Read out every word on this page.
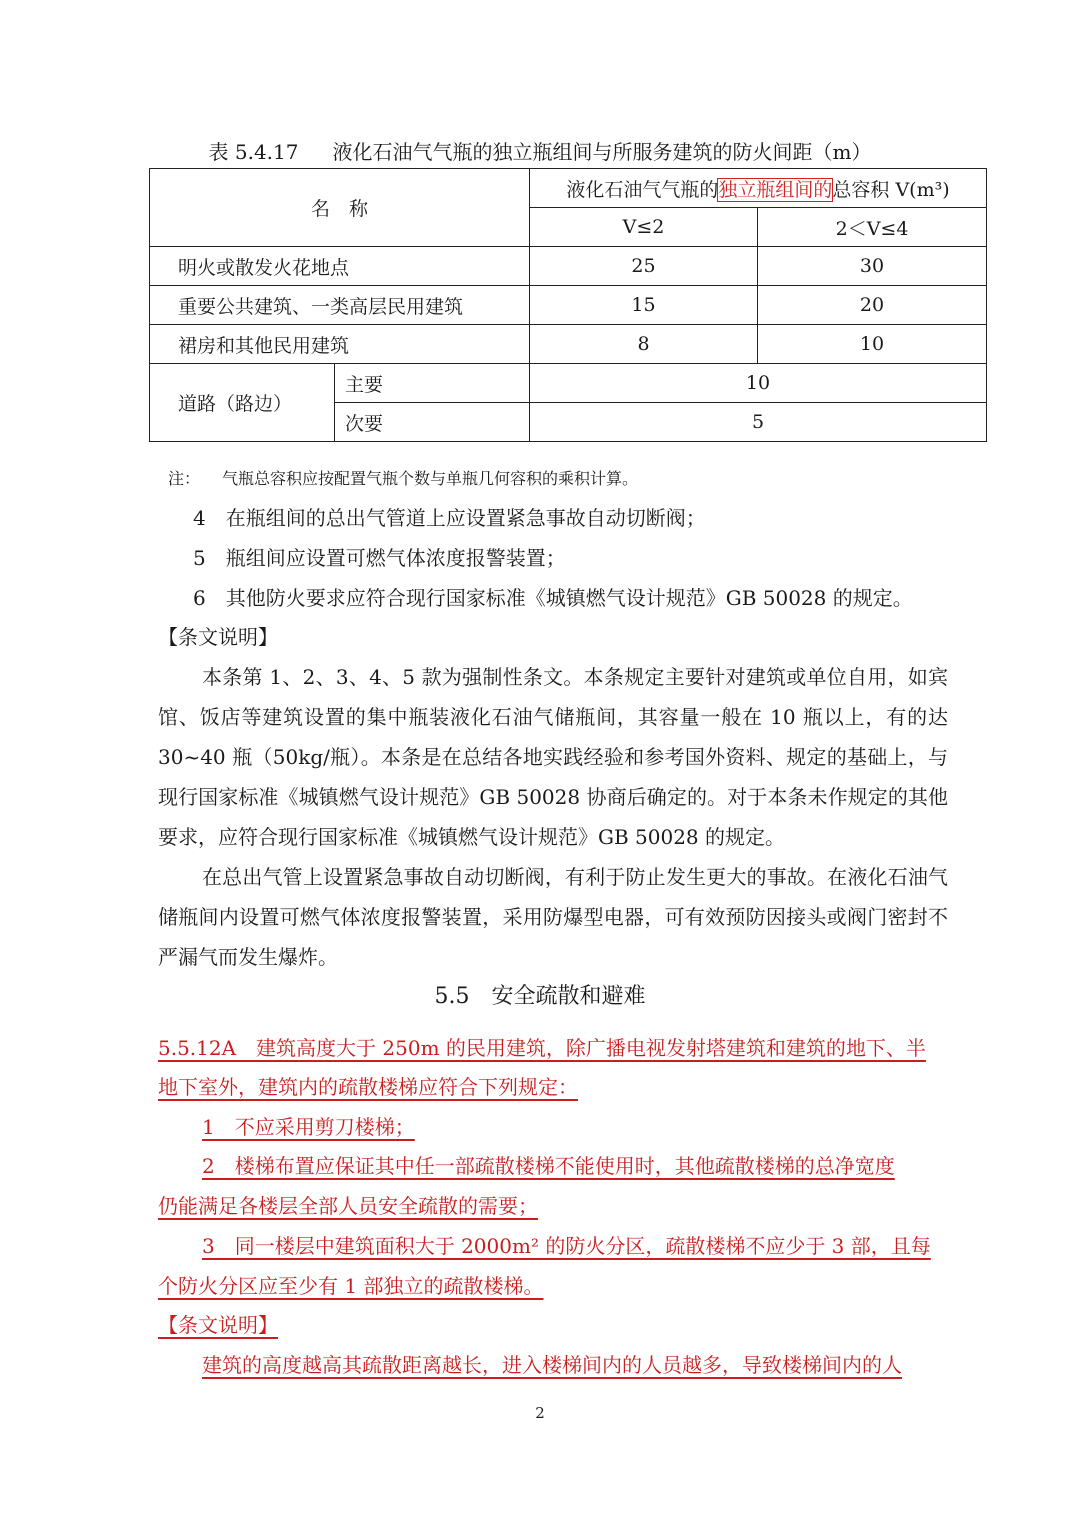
表 5.4.17 液化石油气气瓶的独立瓶组间与所服务建筑的防火间距（m）
名　称		液化石油气气瓶的独立瓶组间的总容积 V(m³)	
		V≤2	2＜V≤4
明火或散发火花地点		25	30
重要公共建筑、一类高层民用建筑		15	20
裙房和其他民用建筑		8	10
道路（路边）	主要	10	
	次要	5	
注： 气瓶总容积应按配置气瓶个数与单瓶几何容积的乘积计算。
4　在瓶组间的总出气管道上应设置紧急事故自动切断阀；
5　瓶组间应设置可燃气体浓度报警装置；
6　其他防火要求应符合现行国家标准《城镇燃气设计规范》GB 50028 的规定。
【条文说明】

本条第 1、2、3、4、5 款为强制性条文。本条规定主要针对建筑或单位自用，如宾馆、饭店等建筑设置的集中瓶装液化石油气储瓶间，其容量一般在 10 瓶以上，有的达 30~40 瓶（50kg/瓶）。本条是在总结各地实践经验和参考国外资料、规定的基础上，与现行国家标准《城镇燃气设计规范》GB 50028 协商后确定的。对于本条未作规定的其他要求，应符合现行国家标准《城镇燃气设计规范》GB 50028 的规定。

在总出气管上设置紧急事故自动切断阀，有利于防止发生更大的事故。在液化石油气储瓶间内设置可燃气体浓度报警装置，采用防爆型电器，可有效预防因接头或阀门密封不严漏气而发生爆炸。

5.5 安全疏散和避难
5.5.12A　建筑高度大于 250m 的民用建筑，除广播电视发射塔建筑和建筑的地下、半
地下室外，建筑内的疏散楼梯应符合下列规定：
1　不应采用剪刀楼梯；
2　楼梯布置应保证其中任一部疏散楼梯不能使用时，其他疏散楼梯的总净宽度
仍能满足各楼层全部人员安全疏散的需要；
3　同一楼层中建筑面积大于 2000m² 的防火分区，疏散楼梯不应少于 3 部，且每
个防火分区应至少有 1 部独立的疏散楼梯。
【条文说明】
建筑的高度越高其疏散距离越长，进入楼梯间内的人员越多，导致楼梯间内的人
2
